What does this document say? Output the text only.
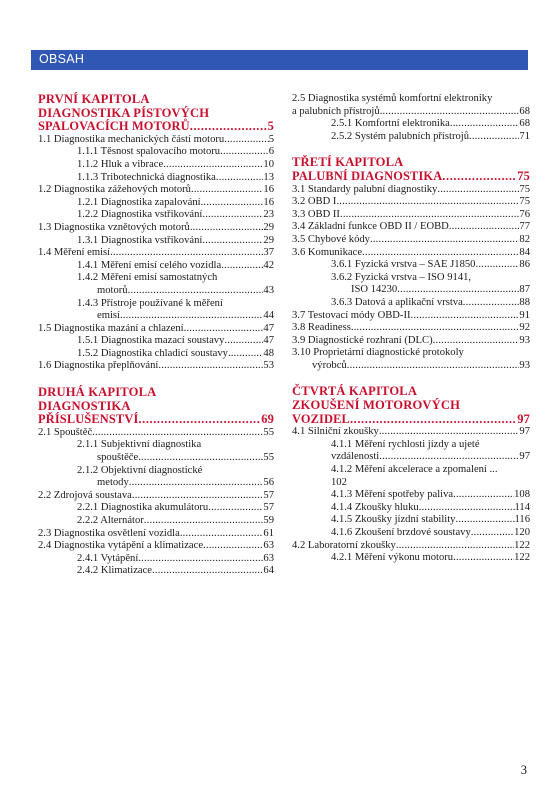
OBSAH
PRVNÍ KAPITOLA
DIAGNOSTIKA PÍSTOVÝCH
SPALOVACÍCH MOTORŮ .....	5
1.1 Diagnostika mechanických částí motoru .....	5
1.1.1 Těsnost spalovacího motoru .....	6
1.1.2 Hluk a vibrace .....	10
1.1.3 Tribotechnická diagnostika .....	13
1.2 Diagnostika zážehových motorů .....	16
1.2.1 Diagnostika zapalování .....	16
1.2.2 Diagnostika vstřikování .....	23
1.3 Diagnostika vznětových motorů .....	29
1.3.1 Diagnostika vstřikování .....	29
1.4 Měření emisí .....	37
1.4.1 Měření emisí celého vozidla .....	42
1.4.2 Měření emisí samostatných
motorů .....	43
1.4.3 Přístroje používané k měření
emisí .....	44
1.5 Diagnostika mazání a chlazení .....	47
1.5.1 Diagnostika mazací soustavy .....	47
1.5.2 Diagnostika chladicí soustavy .....	48
1.6 Diagnostika přeplňování .....	53
DRUHÁ KAPITOLA
DIAGNOSTIKA
PŘÍSLUŠENSTVÍ .....	69
2.1 Spouštěč .....	55
2.1.1 Subjektivní diagnostika
spouštěče .....	55
2.1.2 Objektivní diagnostické
metody .....	56
2.2 Zdrojová soustava .....	57
2.2.1 Diagnostika akumulátoru .....	57
2.2.2 Alternátor .....	59
2.3 Diagnostika osvětlení vozidla .....	61
2.4 Diagnostika vytápění a klimatizace .....	63
2.4.1 Vytápění .....	63
2.4.2 Klimatizace .....	64
2.5 Diagnostika systémů komfortní elektroniky
a palubních přístrojů .....	68
2.5.1 Komfortní elektronika .....	68
2.5.2 Systém palubních přístrojů .....	71
TŘETÍ KAPITOLA
PALUBNÍ DIAGNOSTIKA .....	75
3.1 Standardy palubní diagnostiky .....	75
3.2 OBD I .....	75
3.3 OBD II .....	76
3.4 Základní funkce OBD II / EOBD .....	77
3.5 Chybové kódy .....	82
3.6 Komunikace .....	84
3.6.1 Fyzická vrstva – SAE J1850 .....	86
3.6.2 Fyzická vrstva – ISO 9141,
ISO 14230 .....	87
3.6.3 Datová a aplikační vrstva .....	88
3.7 Testovací módy OBD-II .....	91
3.8 Readiness .....	92
3.9 Diagnostické rozhraní (DLC) .....	93
3.10 Proprietární diagnostické protokoly
výrobců .....	93
ČTVRTÁ KAPITOLA
ZKOUŠENÍ MOTOROVÝCH
VOZIDEL .....	97
4.1 Silniční zkoušky .....	97
4.1.1 Měření rychlosti jízdy a ujeté
vzdálenosti .....	97
4.1.2 Měření akcelerace a zpomalení ...
102
4.1.3 Měření spotřeby paliva .....	108
4.1.4 Zkoušky hluku .....	114
4.1.5 Zkoušky jízdní stability .....	116
4.1.6 Zkoušení brzdové soustavy .....	120
4.2 Laboratorní zkoušky .....	122
4.2.1 Měření výkonu motoru .....	122
3
